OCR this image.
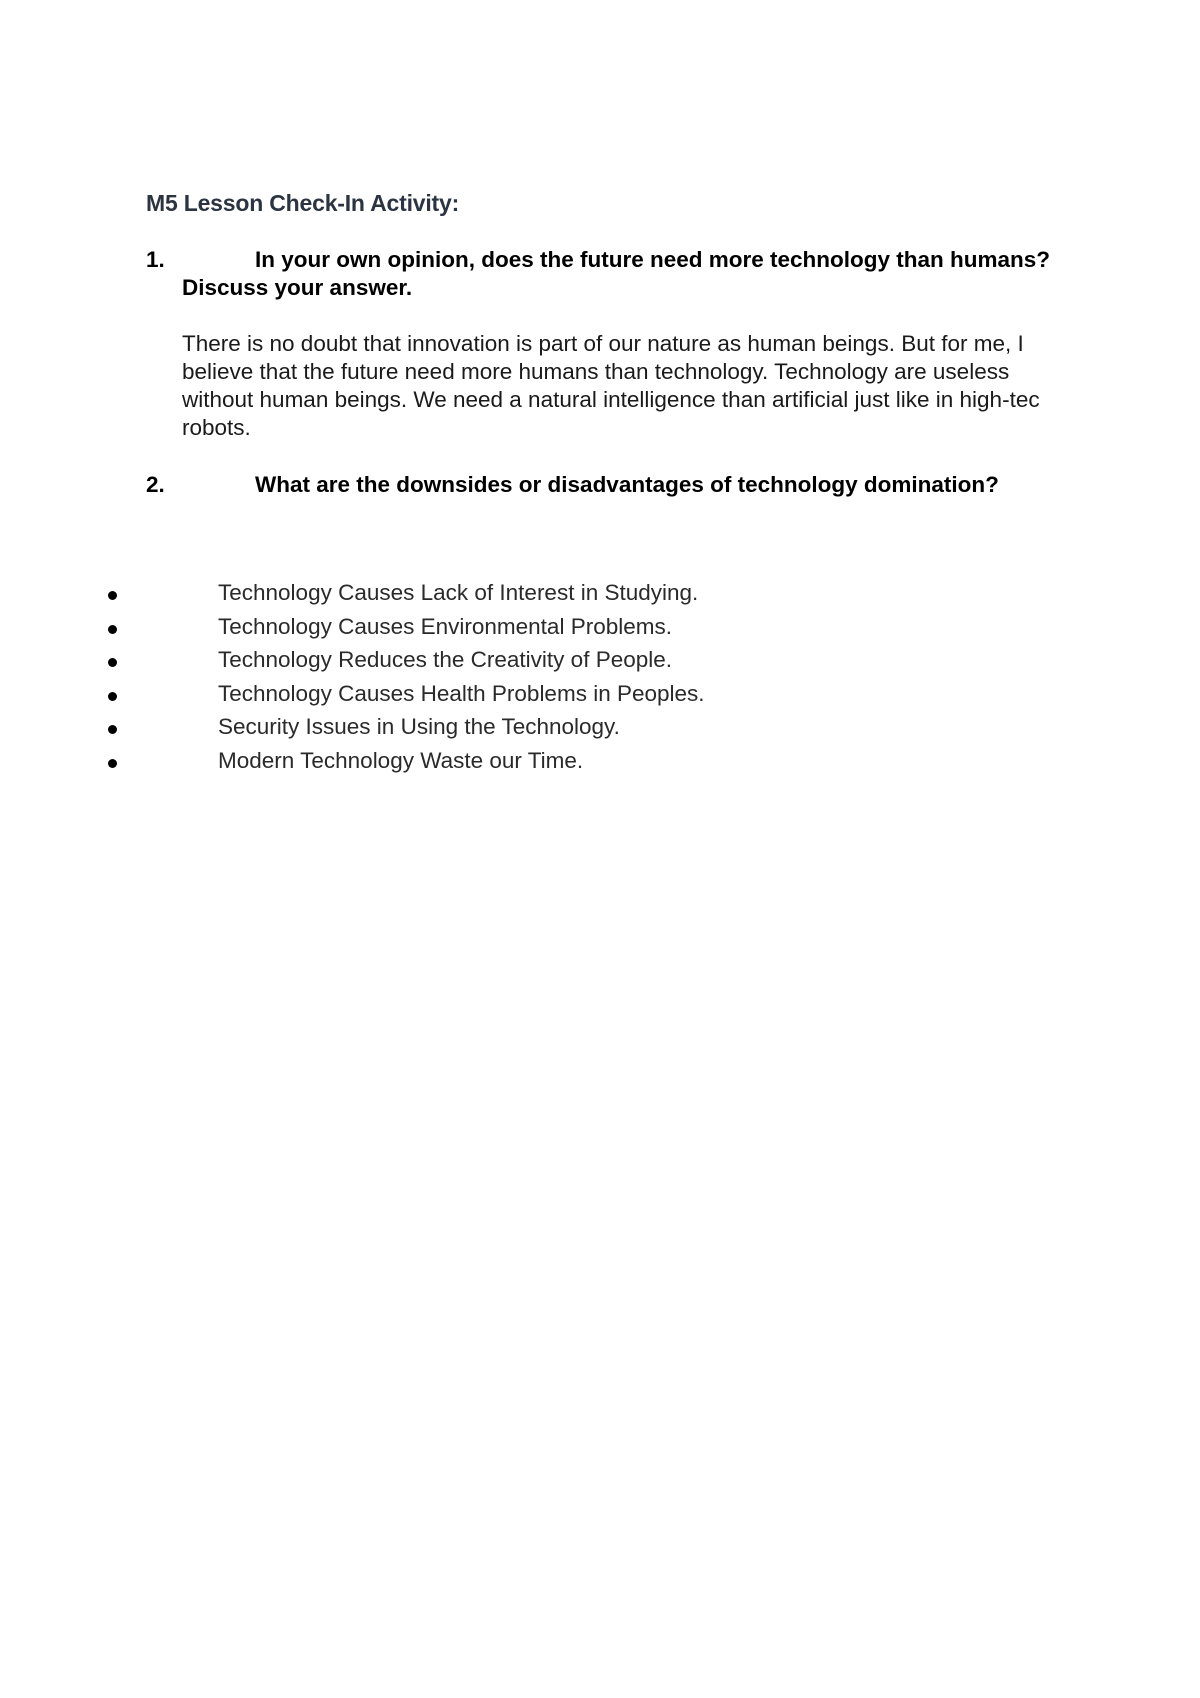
M5 Lesson Check-In Activity:
1.	In your own opinion, does the future need more technology than humans? Discuss your answer.
There is no doubt that innovation is part of our nature as human beings. But for me, I believe that the future need more humans than technology. Technology are useless without human beings. We need a natural intelligence than artificial just like in high-tec robots.
2.	What are the downsides or disadvantages of technology domination?
Technology Causes Lack of Interest in Studying.
Technology Causes Environmental Problems.
Technology Reduces the Creativity of People.
Technology Causes Health Problems in Peoples.
Security Issues in Using the Technology.
Modern Technology Waste our Time.
